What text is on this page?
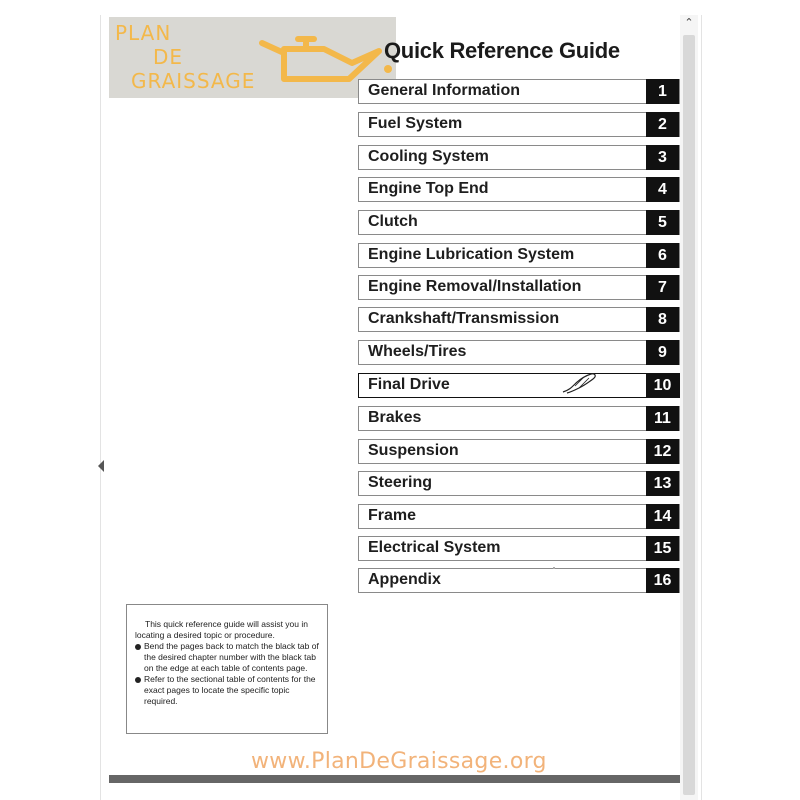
PLAN
DE
GRAISSAGE
Quick Reference Guide
General Information	1
Fuel System	2
Cooling System	3
Engine Top End	4
Clutch	5
Engine Lubrication System	6
Engine Removal/Installation	7
Crankshaft/Transmission	8
Wheels/Tires	9
Final Drive	10
Brakes	11
Suspension	12
Steering	13
Frame	14
Electrical System	15
Appendix	16
This quick reference guide will assist you in locating a desired topic or procedure.
Bend the pages back to match the black tab of the desired chapter number with the black tab on the edge at each table of contents page.
Refer to the sectional table of contents for the exact pages to locate the specific topic required.
www.PlanDeGraissage.org
⌃
